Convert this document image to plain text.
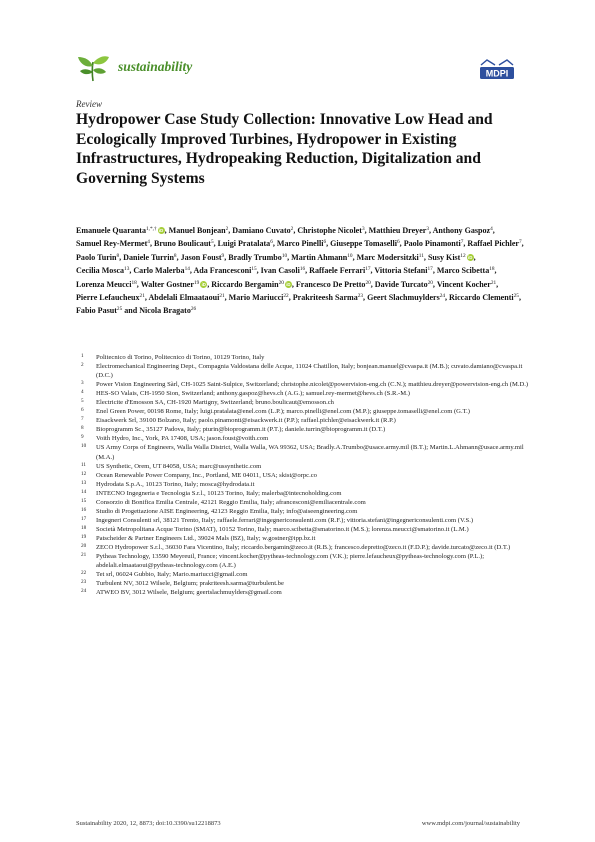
sustainability	MDPI
Review
Hydropower Case Study Collection: Innovative Low Head and Ecologically Improved Turbines, Hydropower in Existing Infrastructures, Hydropeaking Reduction, Digitalization and Governing Systems
Emanuele Quaranta$^{1,*,\dagger}$ iD, Manuel Bonjean$^2$, Damiano Cuvato$^2$, Christophe Nicolet$^3$, Matthieu Dreyer$^3$, Anthony Gaspoz$^4$, Samuel Rey-Mermet$^4$, Bruno Boulicaut$^5$, Luigi Pratalata$^6$, Marco Pinelli$^6$, Giuseppe Tomaselli$^6$, Paolo Pinamonti$^7$, Raffael Pichler$^7$, Paolo Turin$^8$, Daniele Turrin$^8$, Jason Foust$^9$, Bradly Trumbo$^{10}$, Martin Ahmann$^{10}$, Marc Modersitzki$^{11}$, Susy Kist$^{12}$ iD, Cecilia Mosca$^{13}$, Carlo Malerba$^{14}$, Ada Francesconi$^{15}$, Ivan Casoli$^{16}$, Raffaele Ferrari$^{17}$, Vittoria Stefani$^{17}$, Marco Scibetta$^{18}$, Lorenza Meucci$^{18}$, Walter Gostner$^{19}$ iD, Riccardo Bergamin$^{20}$ iD, Francesco De Pretto$^{20}$, Davide Turcato$^{20}$, Vincent Kocher$^{21}$, Pierre Lefaucheux$^{21}$, Abdelali Elmaataoui$^{21}$, Mario Mariucci$^{22}$, Prakriteesh Sarma$^{23}$, Geert Slachmuylders$^{24}$, Riccardo Clementi$^{25}$, Fabio Pasut$^{25}$ and Nicola Bragato$^{26}$
1 Politecnico di Torino, Politecnico di Torino, 10129 Torino, Italy
2 Electromechanical Engineering Dept., Compagnia Valdostana delle Acque, 11024 Chatillon, Italy; bonjean.manuel@cvaspa.it (M.B.); cuvato.damiano@cvaspa.it (D.C.)
3 Power Vision Engineering Sàrl, CH-1025 Saint-Sulpice, Switzerland; christophe.nicolet@powervision-eng.ch (C.N.); matthieu.dreyer@powervision-eng.ch (M.D.)
4 HES-SO Valais, CH-1950 Sion, Switzerland; anthony.gaspoz@hevs.ch (A.G.); samuel.rey-mermet@hevs.ch (S.R.-M.)
5 Electricite d'Emosson SA, CH-1920 Martigny, Switzerland; bruno.boulicaut@emosson.ch
6 Enel Green Power, 00198 Rome, Italy; luigi.pratalata@enel.com (L.P.); marco.pinelli@enel.com (M.P.); giuseppe.tomaselli@enel.com (G.T.)
7 Eisackwerk Srl, 39100 Bolzano, Italy; paolo.pinamonti@eisackwerk.it (P.P.); raffael.pichler@eisackwerk.it (R.P.)
8 Bioprogramm Sc., 35127 Padova, Italy; pturin@bioprogramm.it (P.T.); daniele.turrin@bioprogramm.it (D.T.)
9 Voith Hydro, Inc., York, PA 17408, USA; jason.foust@voith.com
10 US Army Corps of Engineers, Walla Walla District, Walla Walla, WA 99362, USA; Bradly.A.Trumbo@usace.army.mil (B.T.); Martin.L.Ahmann@usace.army.mil (M.A.)
11 US Synthetic, Orem, UT 84058, USA; marc@ussynthetic.com
12 Ocean Renewable Power Company, Inc., Portland, ME 04011, USA; skist@orpc.co
13 Hydrodata S.p.A., 10123 Torino, Italy; mosca@hydrodata.it
14 INTECNO Ingegneria e Tecnologia S.r.l., 10123 Torino, Italy; malerba@intecnoholding.com
15 Consorzio di Bonifica Emilia Centrale, 42121 Reggio Emilia, Italy; afrancesconi@emiliacentrale.com
16 Studio di Progettazione AISE Engineering, 42123 Reggio Emilia, Italy; info@aiseengineering.com
17 Ingegneri Consulenti srl, 38121 Trento, Italy; raffaele.ferrari@ingegnericonsulenti.com (R.F.); vittoria.stefani@ingegnericonsulenti.com (V.S.)
18 Società Metropolitana Acque Torino (SMAT), 10152 Torino, Italy; marco.scibetta@smatorino.it (M.S.); lorenza.meucci@smatorino.it (L.M.)
19 Patscheider & Partner Engineers Ltd., 39024 Mals (BZ), Italy; w.gostner@ipp.bz.it
20 ZECO Hydropower S.r.l., 36030 Fara Vicentino, Italy; riccardo.bergamin@zeco.it (R.B.); francesco.depretto@zeco.it (F.D.P.); davide.turcato@zeco.it (D.T.)
21 Pytheas Technology, 13590 Meyreuil, France; vincent.kocher@pytheas-technology.com (V.K.); pierre.lefaucheux@pytheas-technology.com (P.L.); abdelali.elmaataoui@pytheas-technology.com (A.E.)
22 Tet srl, 06024 Gubbio, Italy; Mario.mariucci@gmail.com
23 Turbulent NV, 3012 Wilsele, Belgium; prakriteesh.sarma@turbulent.be
24 ATWEO BV, 3012 Wilsele, Belgium; geertslachmuylders@gmail.com
Sustainability 2020, 12, 8873; doi:10.3390/su12218873	www.mdpi.com/journal/sustainability
